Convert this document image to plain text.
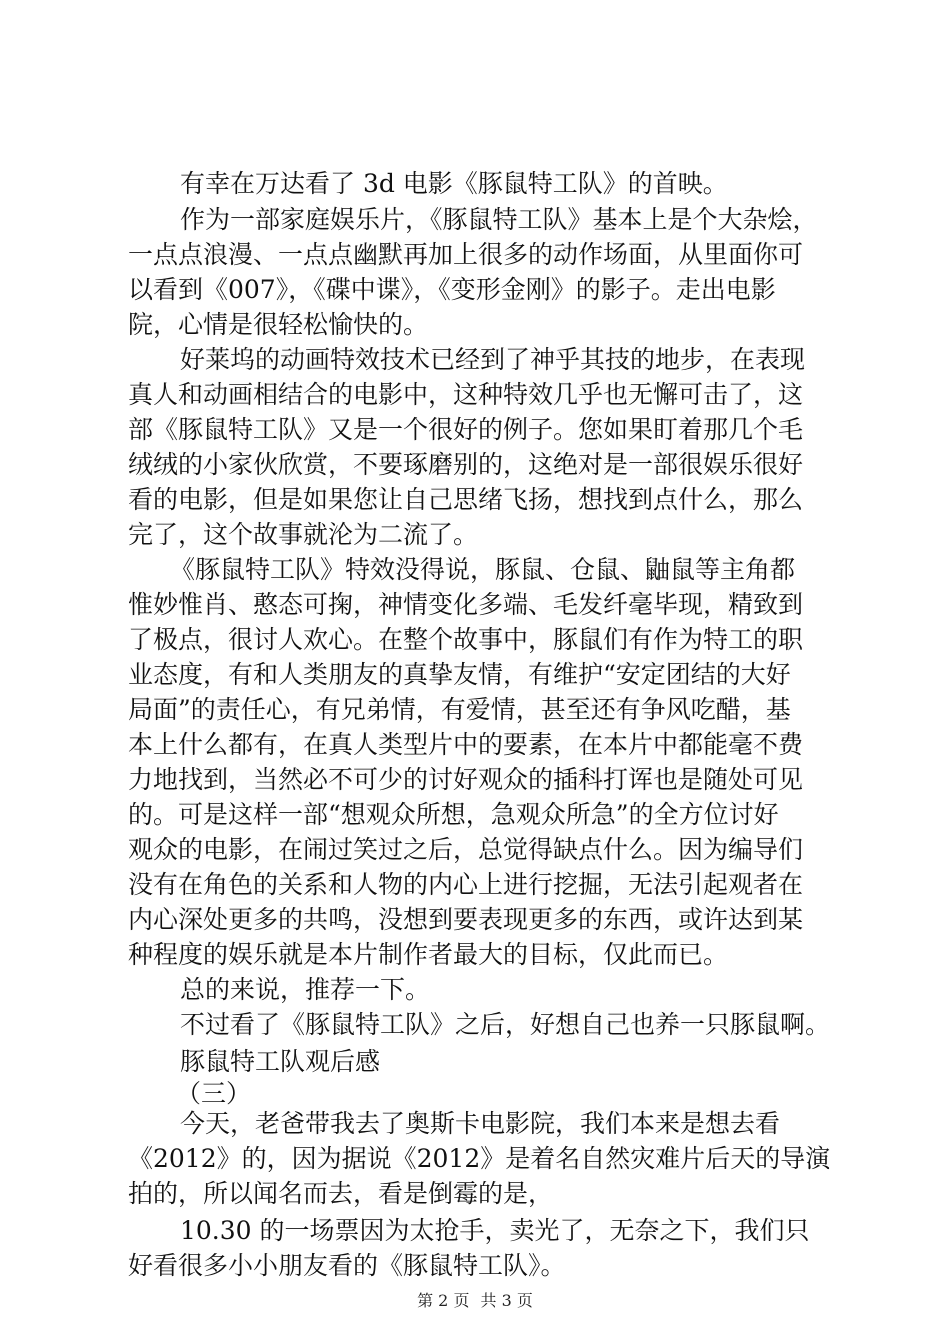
有幸在万达看了 3d 电影《豚鼠特工队》的首映。
作为一部家庭娱乐片，《豚鼠特工队》基本上是个大杂烩，
一点点浪漫、一点点幽默再加上很多的动作场面，从里面你可
以看到《007》，《碟中谍》，《变形金刚》的影子。走出电影
院，心情是很轻松愉快的。
好莱坞的动画特效技术已经到了神乎其技的地步，在表现
真人和动画相结合的电影中，这种特效几乎也无懈可击了，这
部《豚鼠特工队》又是一个很好的例子。您如果盯着那几个毛
绒绒的小家伙欣赏，不要琢磨别的，这绝对是一部很娱乐很好
看的电影，但是如果您让自己思绪飞扬，想找到点什么，那么
完了，这个故事就沦为二流了。
《豚鼠特工队》特效没得说，豚鼠、仓鼠、鼬鼠等主角都
惟妙惟肖、憨态可掬，神情变化多端、毛发纤毫毕现，精致到
了极点，很讨人欢心。在整个故事中，豚鼠们有作为特工的职
业态度，有和人类朋友的真挚友情，有维护“安定团结的大好
局面”的责任心，有兄弟情，有爱情，甚至还有争风吃醋，基
本上什么都有，在真人类型片中的要素，在本片中都能毫不费
力地找到，当然必不可少的讨好观众的插科打诨也是随处可见
的。可是这样一部“想观众所想，急观众所急”的全方位讨好
观众的电影，在闹过笑过之后，总觉得缺点什么。因为编导们
没有在角色的关系和人物的内心上进行挖掘，无法引起观者在
内心深处更多的共鸣，没想到要表现更多的东西，或许达到某
种程度的娱乐就是本片制作者最大的目标，仅此而已。
总的来说，推荐一下。
不过看了《豚鼠特工队》之后，好想自己也养一只豚鼠啊。
豚鼠特工队观后感
（三）
今天，老爸带我去了奥斯卡电影院，我们本来是想去看
《2012》的，因为据说《2012》是着名自然灾难片后天的导演
拍的，所以闻名而去，看是倒霉的是，
10.30 的一场票因为太抢手，卖光了，无奈之下，我们只
好看很多小小朋友看的《豚鼠特工队》。
第 2 页 共 3 页
